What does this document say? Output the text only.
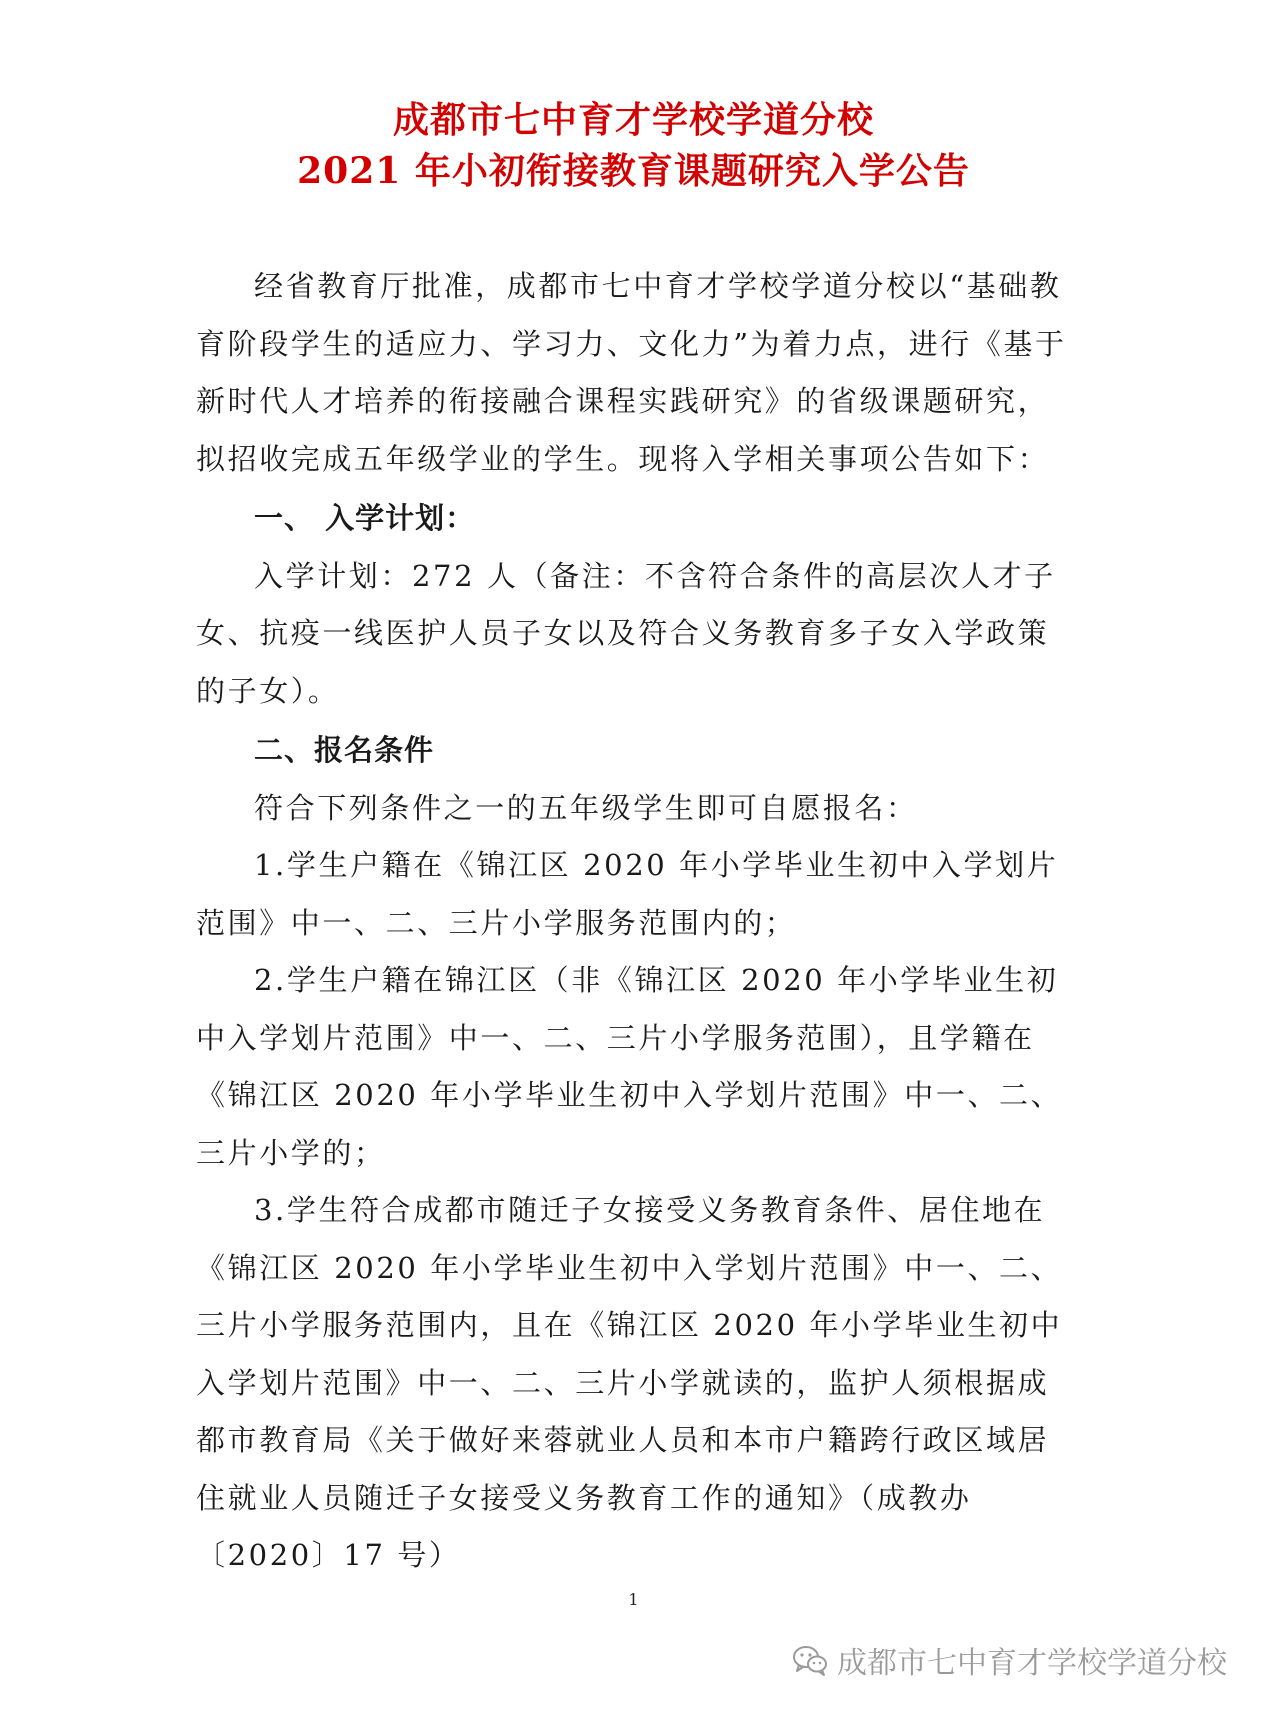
成都市七中育才学校学道分校
2021 年小初衔接教育课题研究入学公告

经省教育厅批准，成都市七中育才学校学道分校以“基础教育阶段学生的适应力、学习力、文化力”为着力点，进行《基于新时代人才培养的衔接融合课程实践研究》的省级课题研究，拟招收完成五年级学业的学生。现将入学相关事项公告如下：

一、 入学计划：

入学计划：272 人（备注：不含符合条件的高层次人才子女、抗疫一线医护人员子女以及符合义务教育多子女入学政策的子女）。

二、报名条件

符合下列条件之一的五年级学生即可自愿报名：

1.学生户籍在《锦江区 2020 年小学毕业生初中入学划片范围》中一、二、三片小学服务范围内的；

2.学生户籍在锦江区（非《锦江区 2020 年小学毕业生初中入学划片范围》中一、二、三片小学服务范围），且学籍在《锦江区 2020 年小学毕业生初中入学划片范围》中一、二、三片小学的；

3.学生符合成都市随迁子女接受义务教育条件、居住地在《锦江区 2020 年小学毕业生初中入学划片范围》中一、二、三片小学服务范围内，且在《锦江区 2020 年小学毕业生初中入学划片范围》中一、二、三片小学就读的，监护人须根据成都市教育局《关于做好来蓉就业人员和本市户籍跨行政区域居住就业人员随迁子女接受义务教育工作的通知》（成教办〔2020〕17 号）

1
成都市七中育才学校学道分校
